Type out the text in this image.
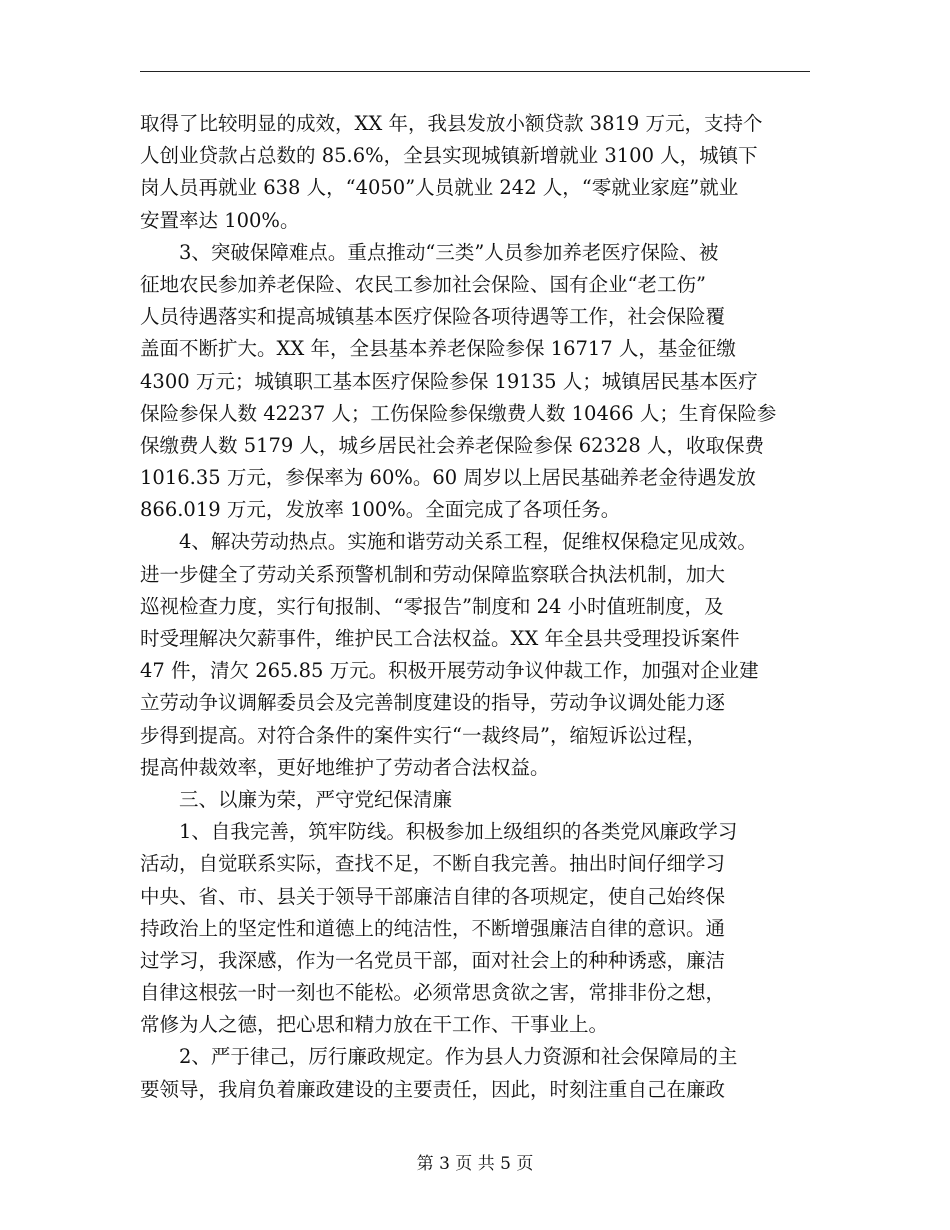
取得了比较明显的成效，XX 年，我县发放小额贷款 3819 万元，支持个
人创业贷款占总数的 85.6%，全县实现城镇新增就业 3100 人，城镇下
岗人员再就业 638 人，“4050”人员就业 242 人，“零就业家庭”就业
安置率达 100%。
3、突破保障难点。重点推动“三类”人员参加养老医疗保险、被
征地农民参加养老保险、农民工参加社会保险、国有企业“老工伤”
人员待遇落实和提高城镇基本医疗保险各项待遇等工作，社会保险覆
盖面不断扩大。XX 年，全县基本养老保险参保 16717 人，基金征缴
4300 万元；城镇职工基本医疗保险参保 19135 人；城镇居民基本医疗
保险参保人数 42237 人；工伤保险参保缴费人数 10466 人；生育保险参
保缴费人数 5179 人，城乡居民社会养老保险参保 62328 人，收取保费
1016.35 万元，参保率为 60%。60 周岁以上居民基础养老金待遇发放
866.019 万元，发放率 100%。全面完成了各项任务。
4、解决劳动热点。实施和谐劳动关系工程，促维权保稳定见成效。
进一步健全了劳动关系预警机制和劳动保障监察联合执法机制，加大
巡视检查力度，实行旬报制、“零报告”制度和 24 小时值班制度，及
时受理解决欠薪事件，维护民工合法权益。XX 年全县共受理投诉案件
47 件，清欠 265.85 万元。积极开展劳动争议仲裁工作，加强对企业建
立劳动争议调解委员会及完善制度建设的指导，劳动争议调处能力逐
步得到提高。对符合条件的案件实行“一裁终局”，缩短诉讼过程，
提高仲裁效率，更好地维护了劳动者合法权益。
三、以廉为荣，严守党纪保清廉
1、自我完善，筑牢防线。积极参加上级组织的各类党风廉政学习
活动，自觉联系实际，查找不足，不断自我完善。抽出时间仔细学习
中央、省、市、县关于领导干部廉洁自律的各项规定，使自己始终保
持政治上的坚定性和道德上的纯洁性，不断增强廉洁自律的意识。通
过学习，我深感，作为一名党员干部，面对社会上的种种诱惑，廉洁
自律这根弦一时一刻也不能松。必须常思贪欲之害，常排非份之想，
常修为人之德，把心思和精力放在干工作、干事业上。
2、严于律己，厉行廉政规定。作为县人力资源和社会保障局的主
要领导，我肩负着廉政建设的主要责任，因此，时刻注重自己在廉政
第 3 页 共 5 页
